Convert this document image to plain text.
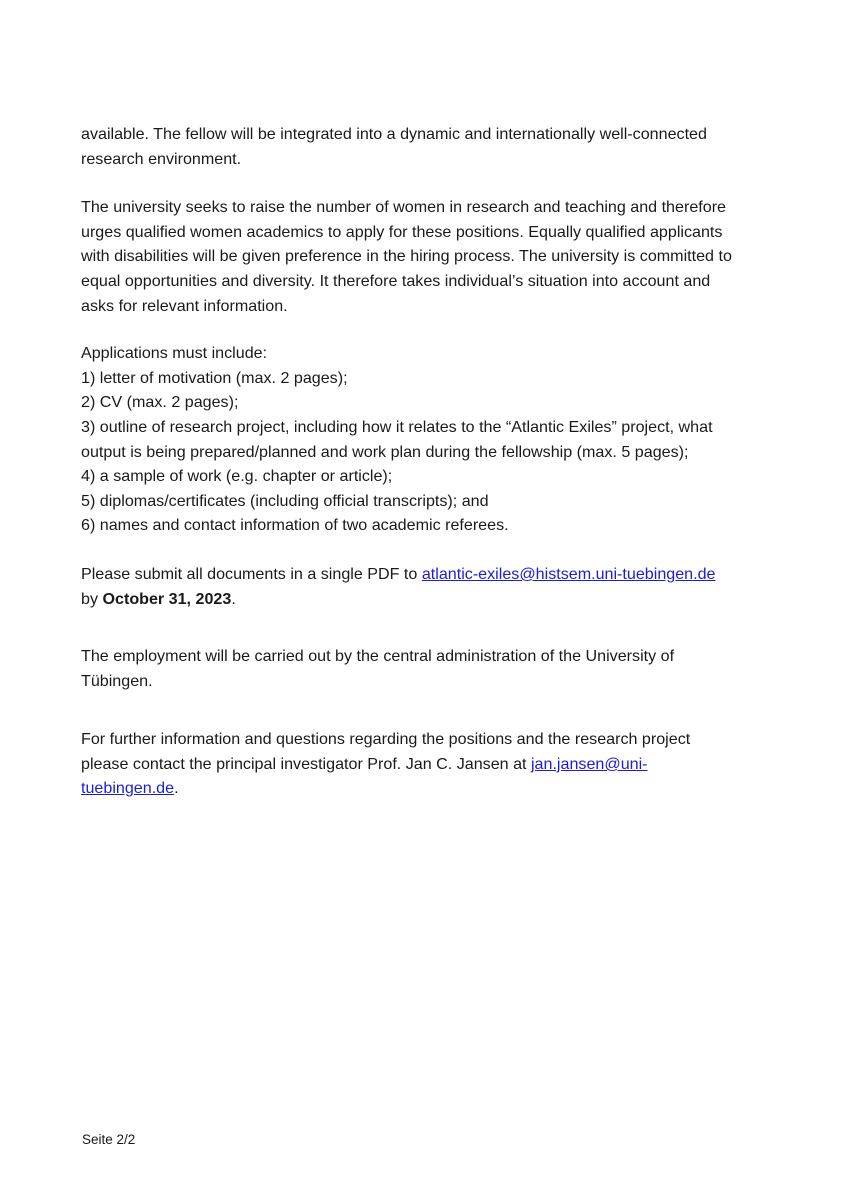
available. The fellow will be integrated into a dynamic and internationally well-connected
research environment.
The university seeks to raise the number of women in research and teaching and therefore
urges qualified women academics to apply for these positions. Equally qualified applicants
with disabilities will be given preference in the hiring process. The university is committed to
equal opportunities and diversity. It therefore takes individual’s situation into account and
asks for relevant information.
Applications must include:
1) letter of motivation (max. 2 pages);
2) CV (max. 2 pages);
3) outline of research project, including how it relates to the “Atlantic Exiles” project, what
output is being prepared/planned and work plan during the fellowship (max. 5 pages);
4) a sample of work (e.g. chapter or article);
5) diplomas/certificates (including official transcripts); and
6) names and contact information of two academic referees.
Please submit all documents in a single PDF to atlantic-exiles@histsem.uni-tuebingen.de
by October 31, 2023.
The employment will be carried out by the central administration of the University of
Tübingen.
For further information and questions regarding the positions and the research project
please contact the principal investigator Prof. Jan C. Jansen at jan.jansen@uni-
tuebingen.de.
Seite 2/2
